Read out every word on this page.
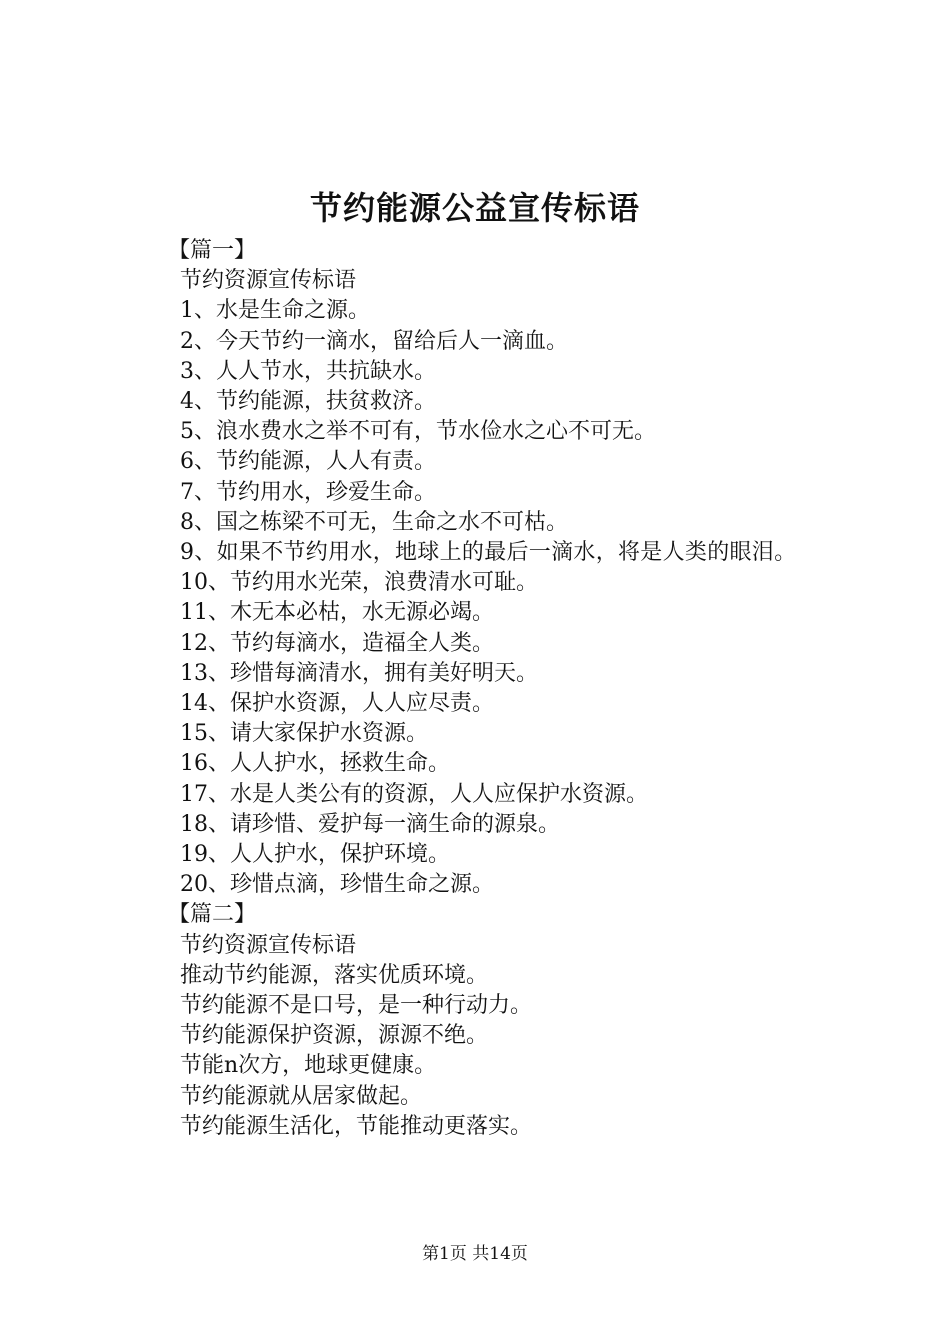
节约能源公益宣传标语

【篇一】

节约资源宣传标语

1、水是生命之源。

2、今天节约一滴水，留给后人一滴血。

3、人人节水，共抗缺水。

4、节约能源，扶贫救济。

5、浪水费水之举不可有，节水俭水之心不可无。

6、节约能源，人人有责。

7、节约用水，珍爱生命。

8、国之栋梁不可无，生命之水不可枯。

9、如果不节约用水，地球上的最后一滴水，将是人类的眼泪。

10、节约用水光荣，浪费清水可耻。

11、木无本必枯，水无源必竭。

12、节约每滴水，造福全人类。

13、珍惜每滴清水，拥有美好明天。

14、保护水资源，人人应尽责。

15、请大家保护水资源。

16、人人护水，拯救生命。

17、水是人类公有的资源，人人应保护水资源。

18、请珍惜、爱护每一滴生命的源泉。

19、人人护水，保护环境。

20、珍惜点滴，珍惜生命之源。

【篇二】

节约资源宣传标语

推动节约能源，落实优质环境。

节约能源不是口号，是一种行动力。

节约能源保护资源，源源不绝。

节能n次方，地球更健康。

节约能源就从居家做起。

节约能源生活化，节能推动更落实。

第1页 共14页
